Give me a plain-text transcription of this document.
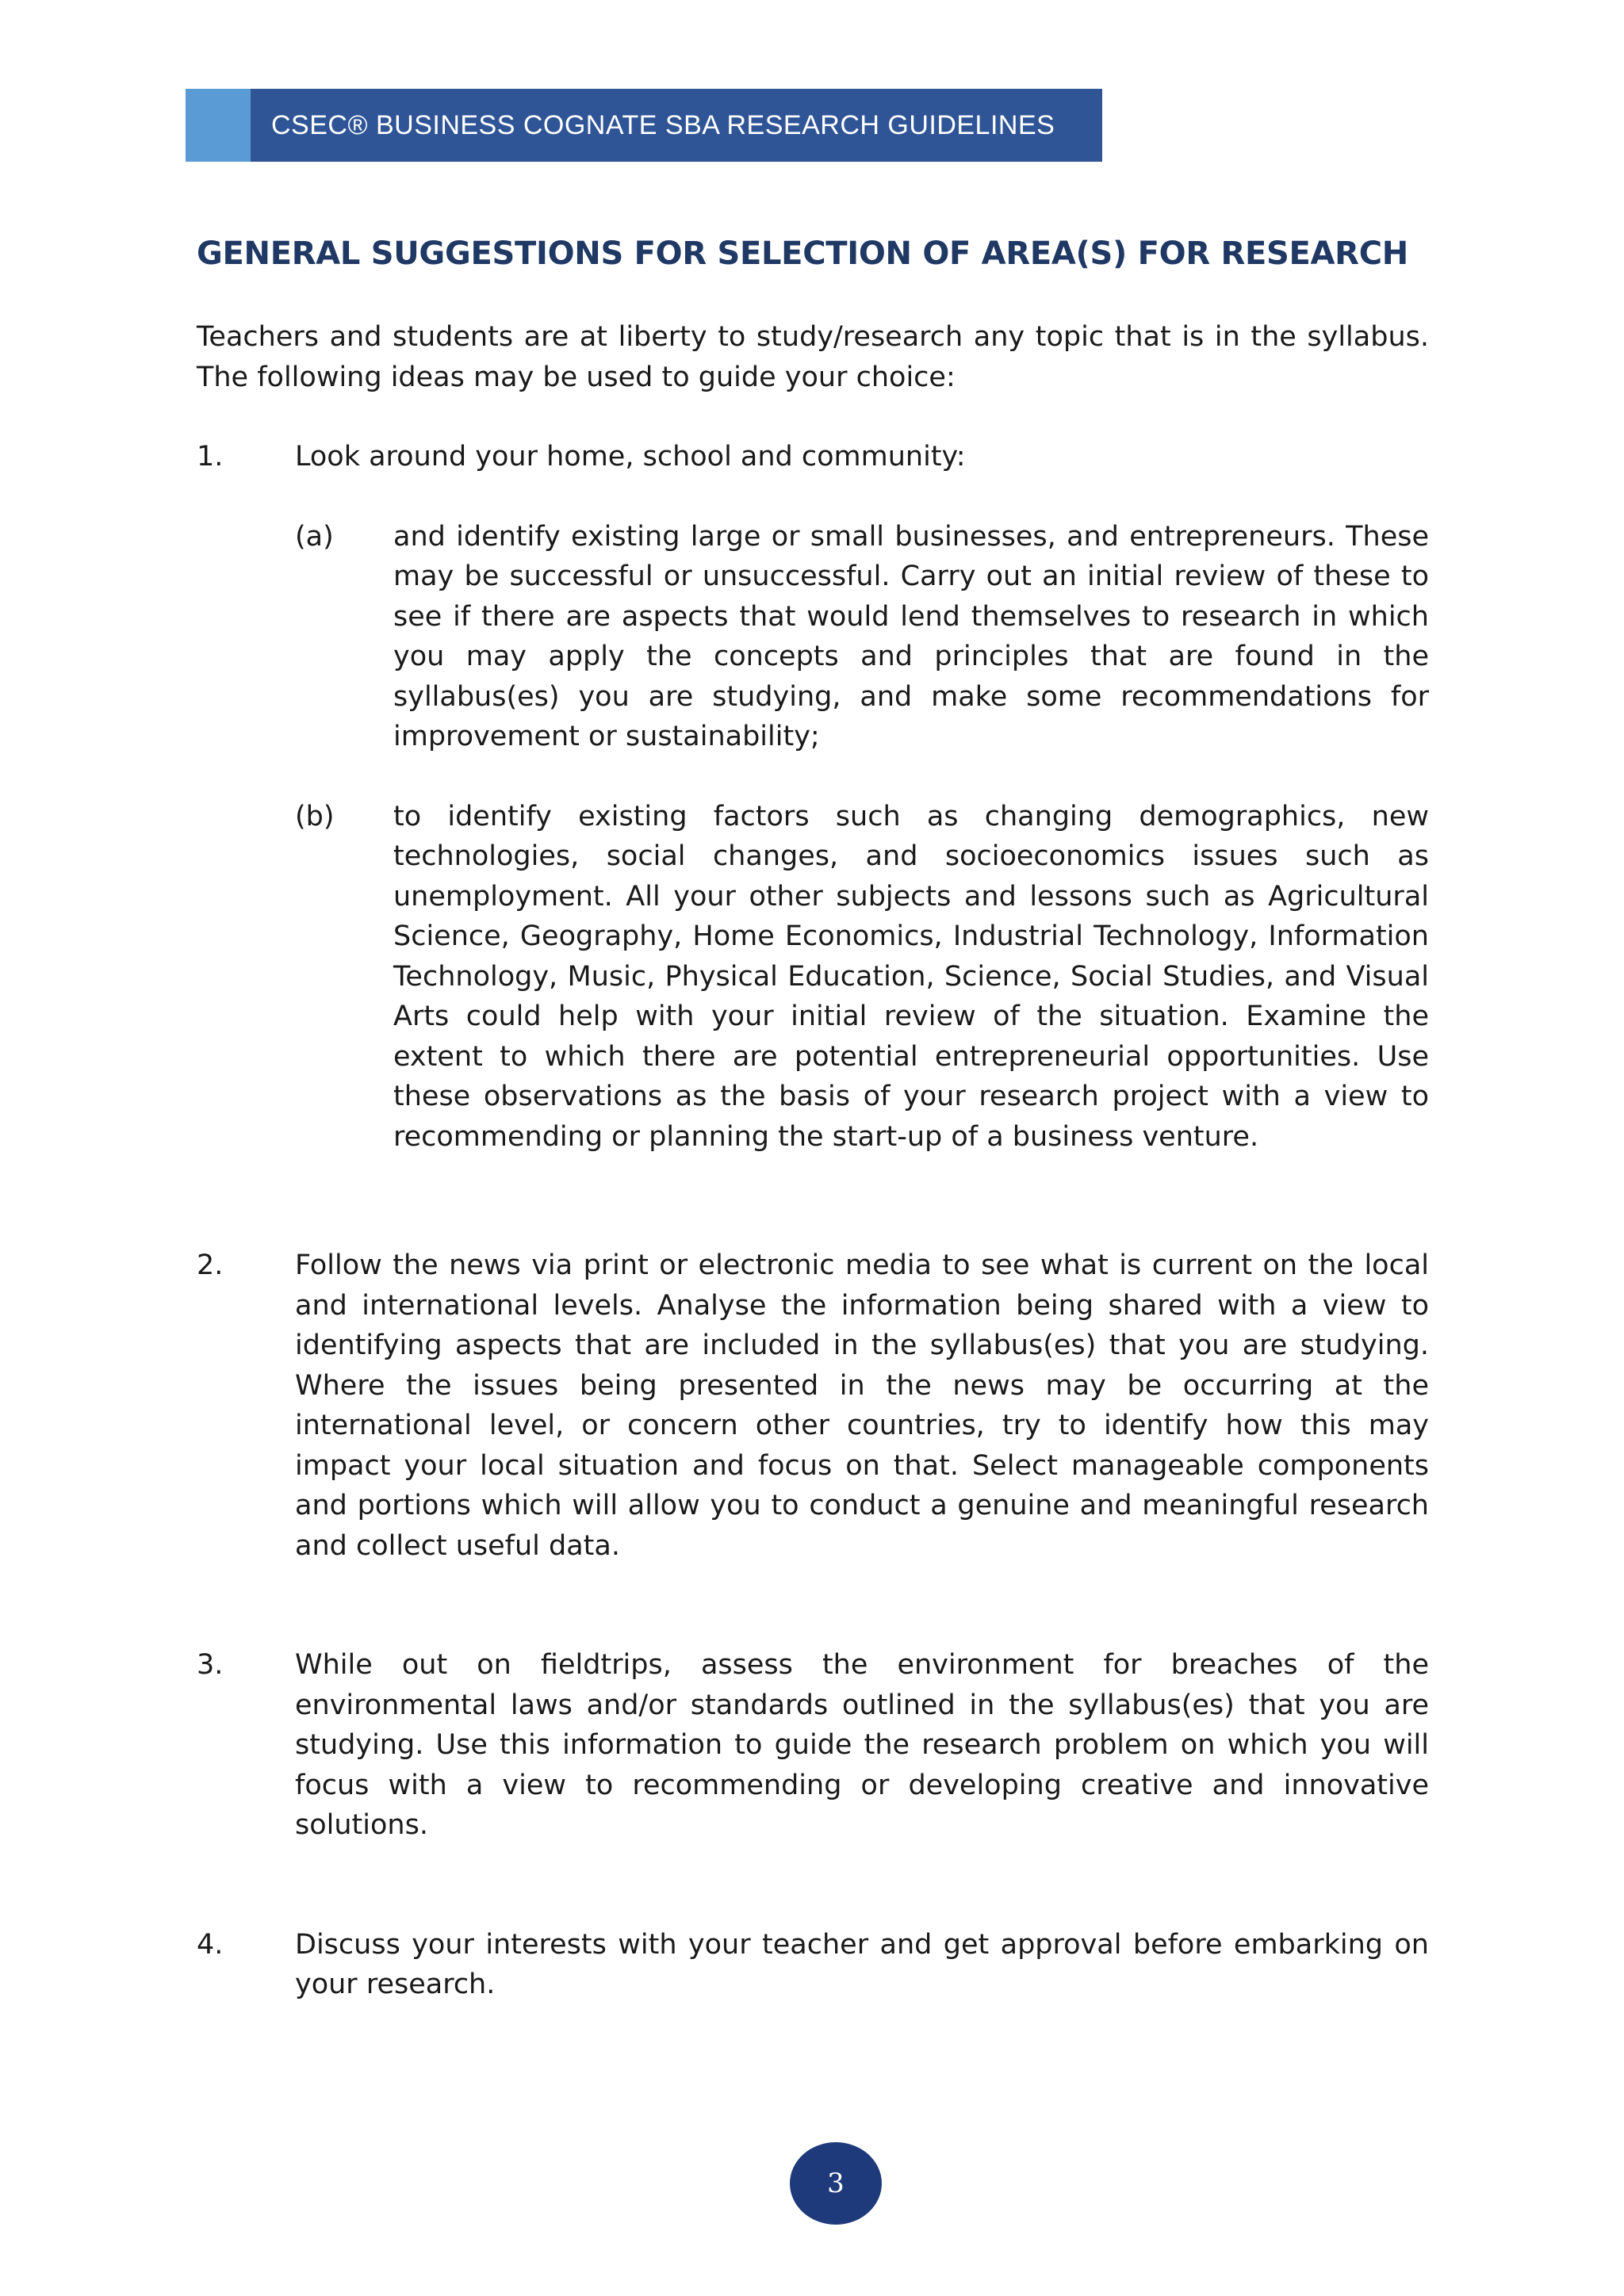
CSEC® BUSINESS COGNATE SBA RESEARCH GUIDELINES
GENERAL SUGGESTIONS FOR SELECTION OF AREA(S) FOR RESEARCH

Teachers and students are at liberty to study/research any topic that is in the syllabus. The following ideas may be used to guide your choice:

1.	Look around your home, school and community:

(a)	and identify existing large or small businesses, and entrepreneurs. These may be successful or unsuccessful. Carry out an initial review of these to see if there are aspects that would lend themselves to research in which you may apply the concepts and principles that are found in the syllabus(es) you are studying, and make some recommendations for improvement or sustainability;
(b)	to identify existing factors such as changing demographics, new technologies, social changes, and socioeconomics issues such as unemployment. All your other subjects and lessons such as Agricultural Science, Geography, Home Economics, Industrial Technology, Information Technology, Music, Physical Education, Science, Social Studies, and Visual Arts could help with your initial review of the situation. Examine the extent to which there are potential entrepreneurial opportunities. Use these observations as the basis of your research project with a view to recommending or planning the start-up of a business venture.
2.	Follow the news via print or electronic media to see what is current on the local and international levels. Analyse the information being shared with a view to identifying aspects that are included in the syllabus(es) that you are studying. Where the issues being presented in the news may be occurring at the international level, or concern other countries, try to identify how this may impact your local situation and focus on that. Select manageable components and portions which will allow you to conduct a genuine and meaningful research and collect useful data.
3.	While out on fieldtrips, assess the environment for breaches of the environmental laws and/or standards outlined in the syllabus(es) that you are studying. Use this information to guide the research problem on which you will focus with a view to recommending or developing creative and innovative solutions.
4.	Discuss your interests with your teacher and get approval before embarking on your research.
3
